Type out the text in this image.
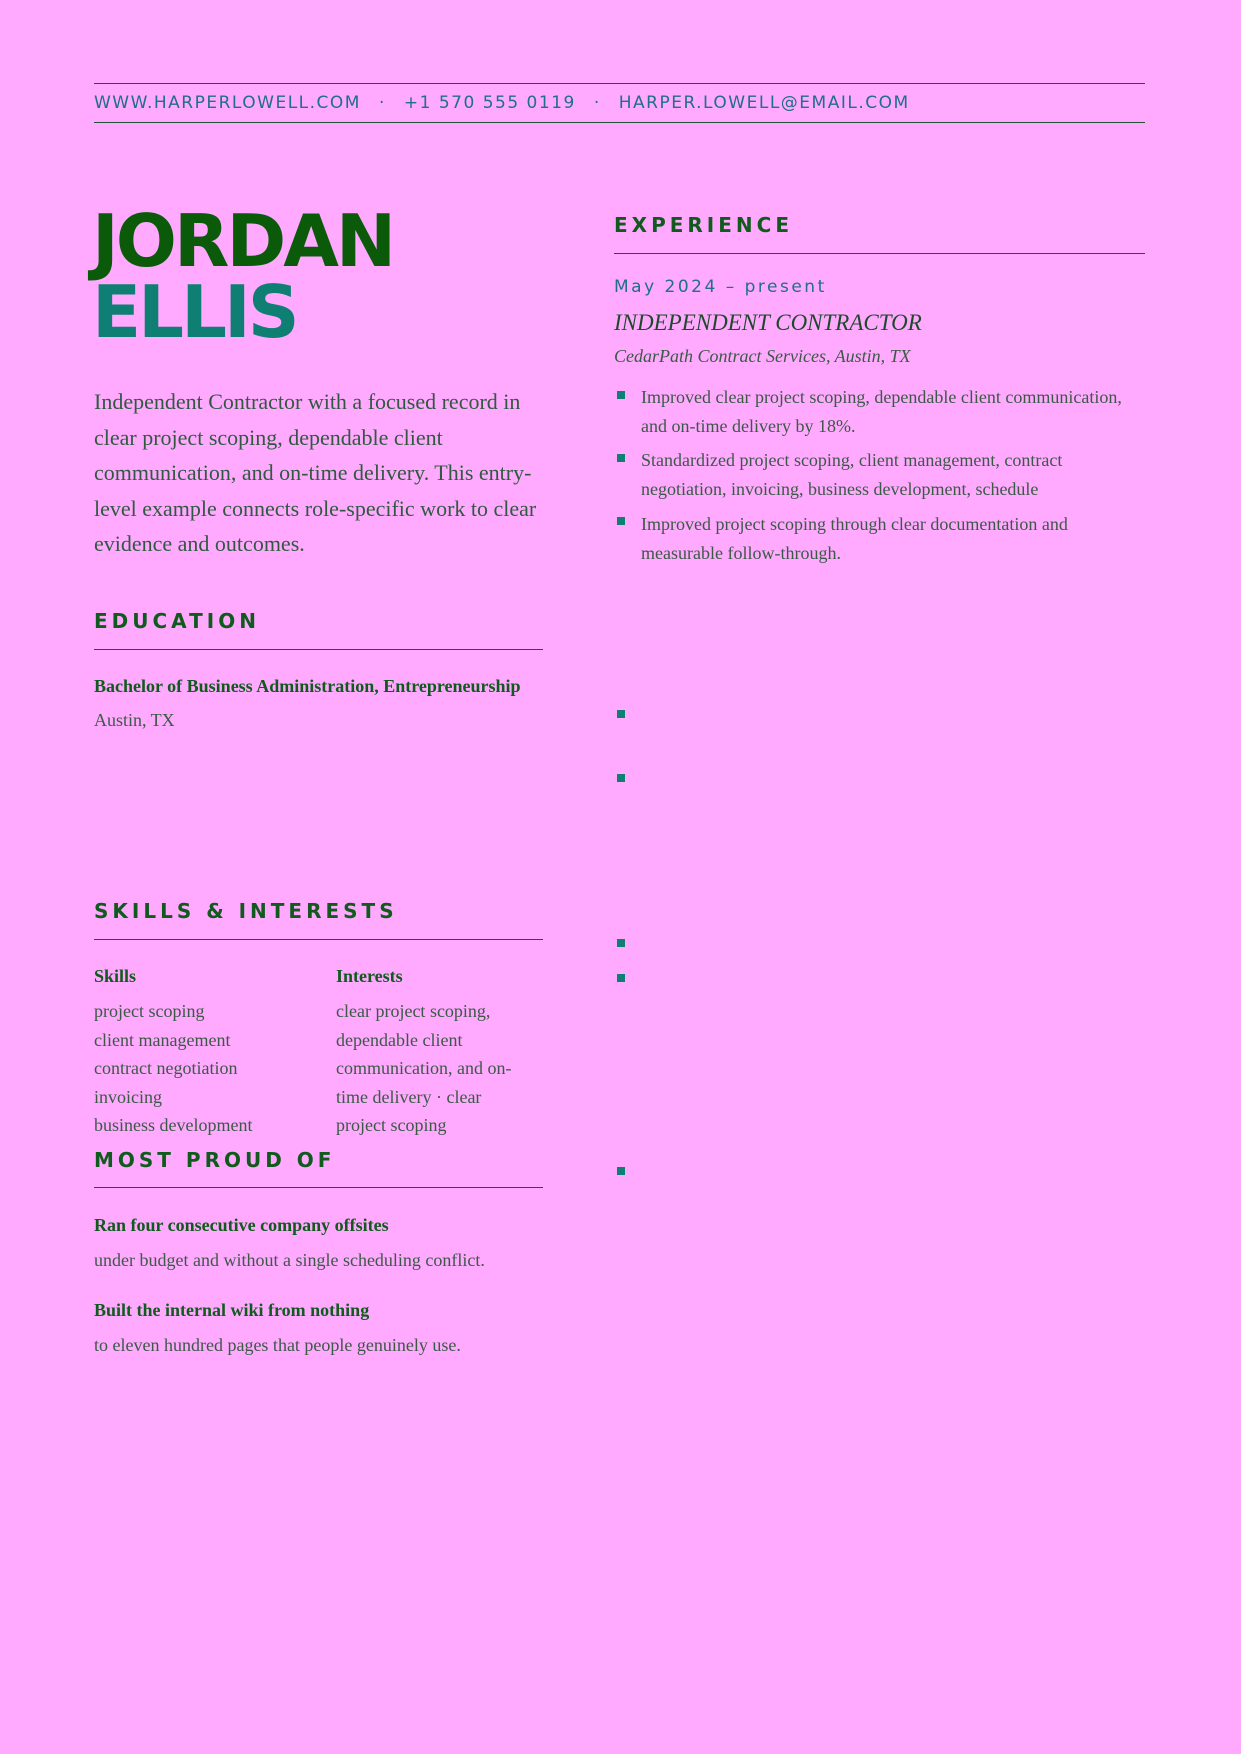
WWW.HARPERLOWELL.COM · +1 570 555 0119 · HARPER.LOWELL@EMAIL.COM
JORDAN
ELLIS
Independent Contractor with a focused record in clear project scoping, dependable client communication, and on-time delivery. This entry-level example connects role-specific work to clear evidence and outcomes.
EDUCATION
Bachelor of Business Administration, Entrepreneurship
Austin, TX
SKILLS & INTERESTS
Skills	Interests
project scoping
client management
contract negotiation
invoicing
business development
clear project scoping,
dependable client
communication, and on-
time delivery · clear
project scoping
MOST PROUD OF
Ran four consecutive company offsites
under budget and without a single scheduling conflict.
Built the internal wiki from nothing
to eleven hundred pages that people genuinely use.
EXPERIENCE
May 2024 – present
INDEPENDENT CONTRACTOR
CedarPath Contract Services, Austin, TX
Improved clear project scoping, dependable client communication, and on-time delivery by 18%.
Standardized project scoping, client management, contract negotiation, invoicing, business development, schedule
Improved project scoping through clear documentation and measurable follow-through.
